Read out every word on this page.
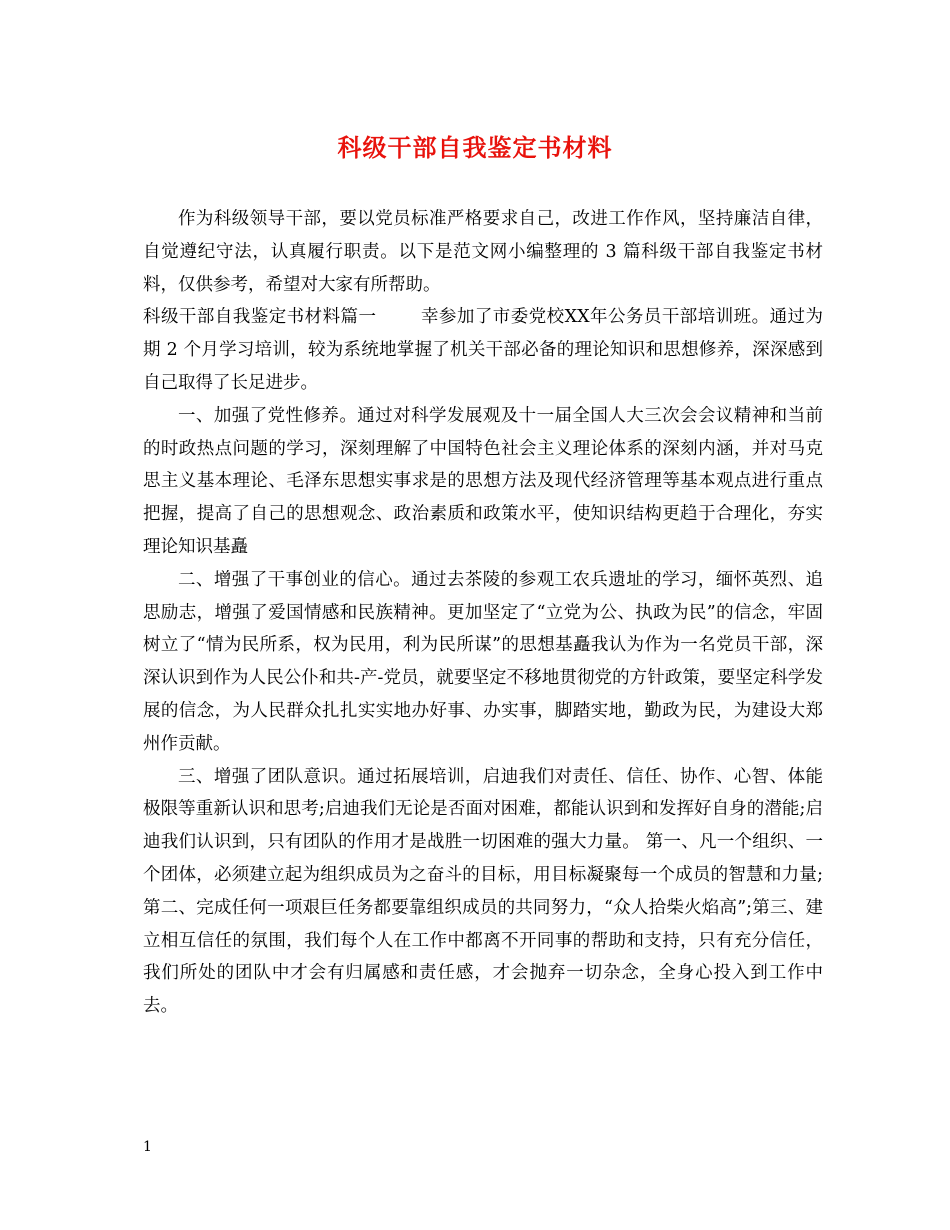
科级干部自我鉴定书材料

作为科级领导干部，要以党员标准严格要求自己，改进工作作风，坚持廉洁自律，自觉遵纪守法，认真履行职责。以下是范文网小编整理的 3 篇科级干部自我鉴定书材料，仅供参考，希望对大家有所帮助。

科级干部自我鉴定书材料篇一	幸参加了市委党校XX年公务员干部培训班。通过为期 2 个月学习培训，较为系统地掌握了机关干部必备的理论知识和思想修养，深深感到自己取得了长足进步。

一、加强了党性修养。通过对科学发展观及十一届全国人大三次会会议精神和当前的时政热点问题的学习，深刻理解了中国特色社会主义理论体系的深刻内涵，并对马克思主义基本理论、毛泽东思想实事求是的思想方法及现代经济管理等基本观点进行重点把握，提高了自己的思想观念、政治素质和政策水平，使知识结构更趋于合理化，夯实理论知识基矗

二、增强了干事创业的信心。通过去茶陵的参观工农兵遗址的学习，缅怀英烈、追思励志，增强了爱国情感和民族精神。更加坚定了“立党为公、执政为民”的信念，牢固树立了“情为民所系，权为民用，利为民所谋”的思想基矗我认为作为一名党员干部，深深认识到作为人民公仆和共-产-党员，就要坚定不移地贯彻党的方针政策，要坚定科学发展的信念，为人民群众扎扎实实地办好事、办实事，脚踏实地，勤政为民，为建设大郑州作贡献。

三、增强了团队意识。通过拓展培训，启迪我们对责任、信任、协作、心智、体能极限等重新认识和思考;启迪我们无论是否面对困难，都能认识到和发挥好自身的潜能;启迪我们认识到，只有团队的作用才是战胜一切困难的强大力量。 第一、凡一个组织、一个团体，必须建立起为组织成员为之奋斗的目标，用目标凝聚每一个成员的智慧和力量;第二、完成任何一项艰巨任务都要靠组织成员的共同努力，“众人拾柴火焰高”;第三、建立相互信任的氛围，我们每个人在工作中都离不开同事的帮助和支持，只有充分信任，我们所处的团队中才会有归属感和责任感，才会抛弃一切杂念，全身心投入到工作中去。

1
